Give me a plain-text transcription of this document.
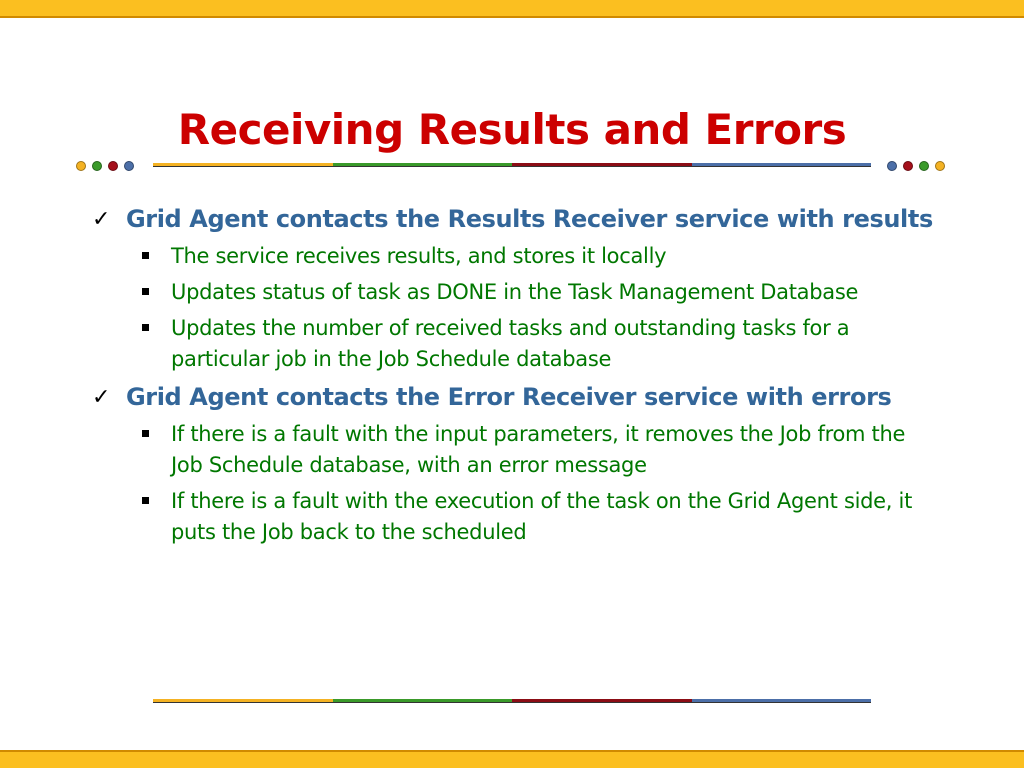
Receiving Results and Errors
✓ Grid Agent contacts the Results Receiver service with results
The service receives results, and stores it locally
Updates status of task as DONE in the Task Management Database
Updates the number of received tasks and outstanding tasks for a particular job in the Job Schedule database
✓ Grid Agent contacts the Error Receiver service with errors
If there is a fault with the input parameters, it removes the Job from the Job Schedule database, with an error message
If there is a fault with the execution of the task on the Grid Agent side, it puts the Job back to the scheduled
